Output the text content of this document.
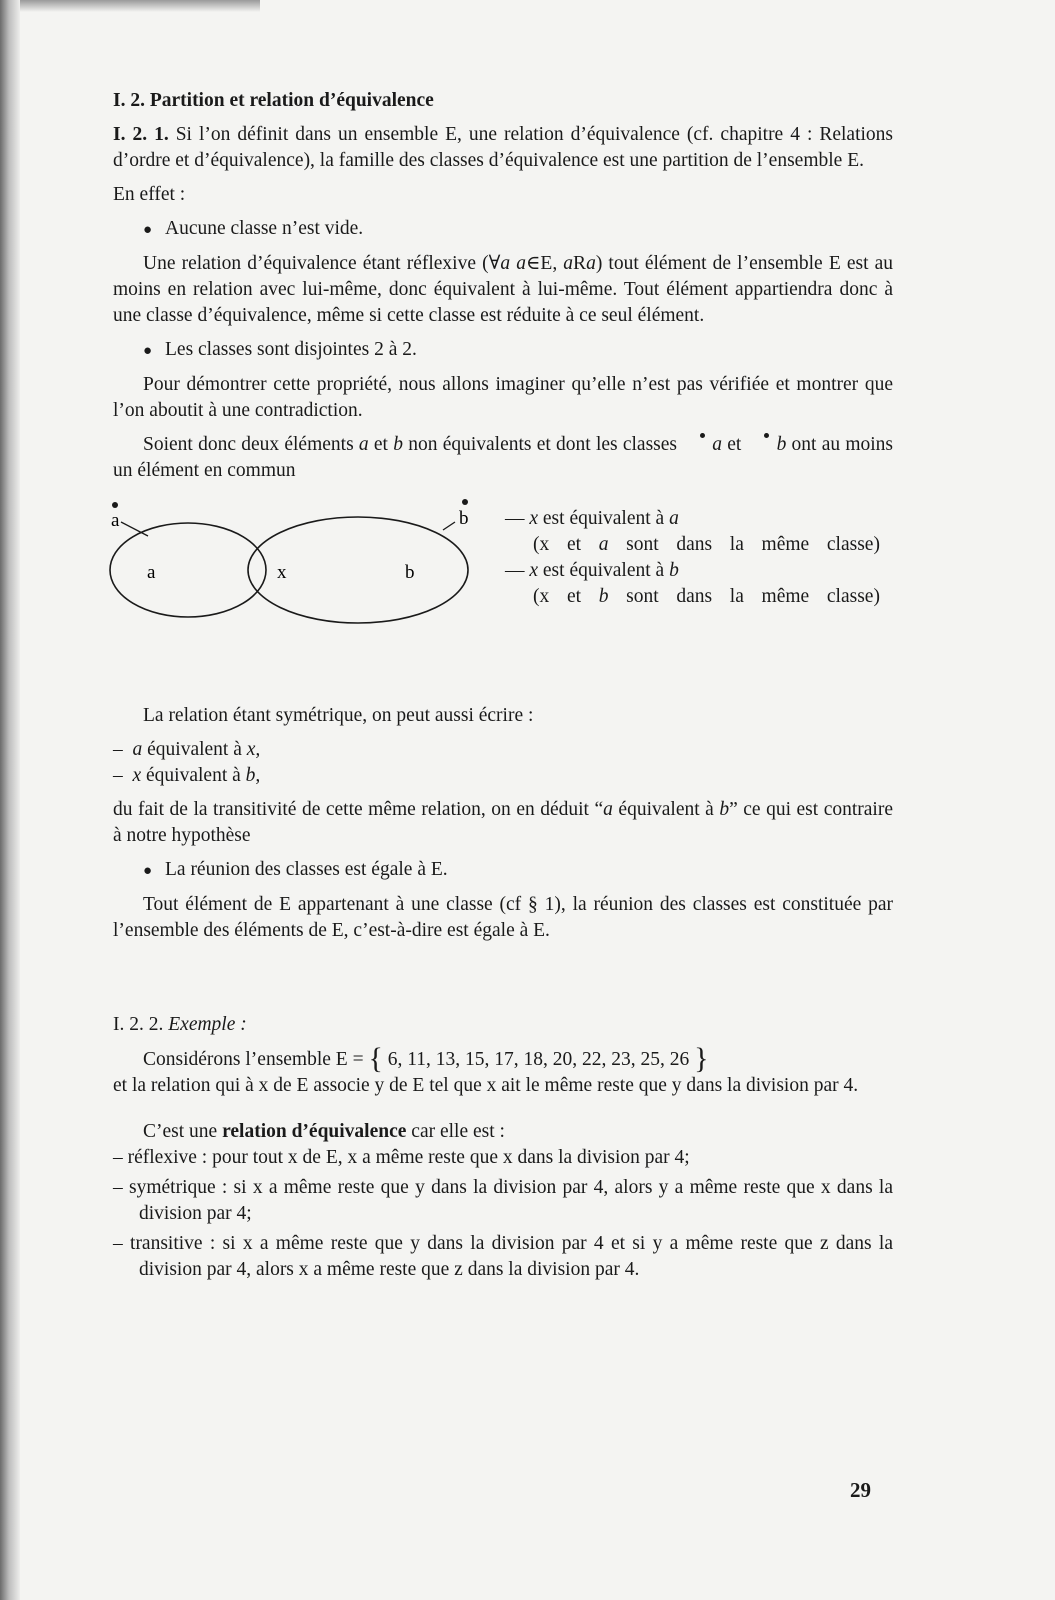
I. 2. Partition et relation d’équivalence

I. 2. 1. Si l’on définit dans un ensemble E, une relation d’équivalence (cf. chapitre 4 : Relations d’ordre et d’équivalence), la famille des classes d’équivalence est une partition de l’ensemble E.

En effet :

● Aucune classe n’est vide.

Une relation d’équivalence étant réflexive (∀a a∈E, aRa) tout élément de l’ensemble E est au moins en relation avec lui-même, donc équivalent à lui-même. Tout élément appartiendra donc à une classe d’équivalence, même si cette classe est réduite à ce seul élément.

● Les classes sont disjointes 2 à 2.

Pour démontrer cette propriété, nous allons imaginer qu’elle n’est pas vérifiée et montrer que l’on aboutit à une contradiction.

Soient donc deux éléments a et b non équivalents et dont les classes a et b ont au moins un élément en commun

a	b
a	x	b
— x est équivalent à a
(x et a sont dans la même classe)
— x est équivalent à b
(x et b sont dans la même classe)

La relation étant symétrique, on peut aussi écrire :

– a équivalent à x,

– x équivalent à b,

du fait de la transitivité de cette même relation, on en déduit “a équivalent à b” ce qui est contraire à notre hypothèse

● La réunion des classes est égale à E.

Tout élément de E appartenant à une classe (cf § 1), la réunion des classes est constituée par l’ensemble des éléments de E, c’est-à-dire est égale à E.

I. 2. 2. Exemple :

Considérons l’ensemble E = { 6, 11, 13, 15, 17, 18, 20, 22, 23, 25, 26 }

et la relation qui à x de E associe y de E tel que x ait le même reste que y dans la division par 4.

C’est une relation d’équivalence car elle est :

– réflexive : pour tout x de E, x a même reste que x dans la division par 4;

– symétrique : si x a même reste que y dans la division par 4, alors y a même reste que x dans la division par 4;

– transitive : si x a même reste que y dans la division par 4 et si y a même reste que z dans la division par 4, alors x a même reste que z dans la division par 4.

29
